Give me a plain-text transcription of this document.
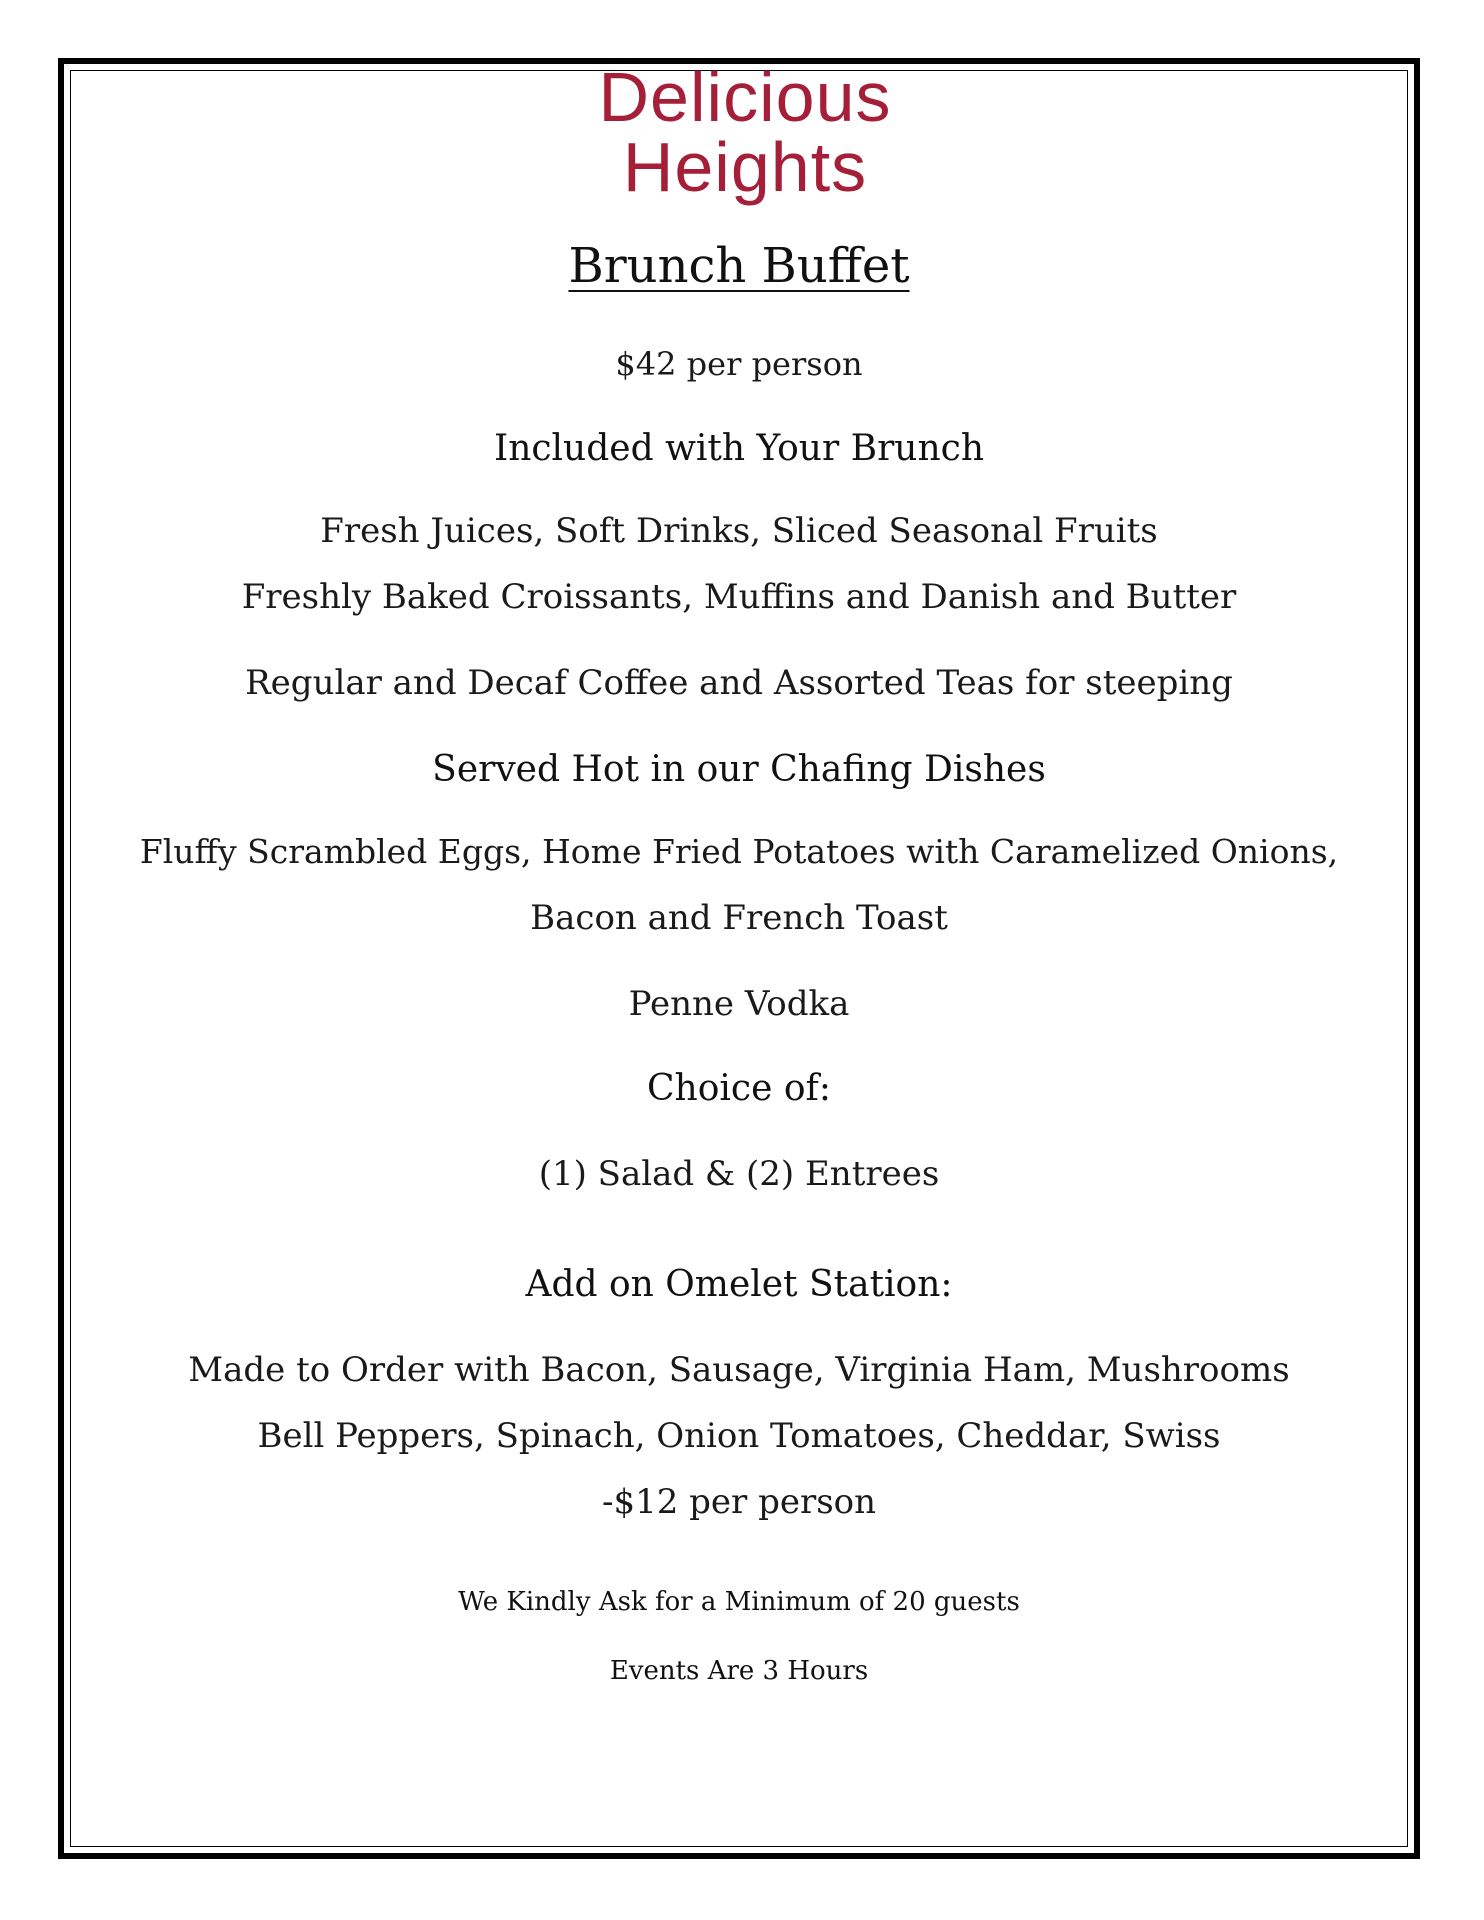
Delicious
Heights
Brunch Buffet
$42 per person
Included with Your Brunch
Fresh Juices, Soft Drinks, Sliced Seasonal Fruits
Freshly Baked Croissants, Muffins and Danish and Butter
Regular and Decaf Coffee and Assorted Teas for steeping
Served Hot in our Chafing Dishes
Fluffy Scrambled Eggs, Home Fried Potatoes with Caramelized Onions,
Bacon and French Toast
Penne Vodka
Choice of:
(1) Salad & (2) Entrees
Add on Omelet Station:
Made to Order with Bacon, Sausage, Virginia Ham, Mushrooms
Bell Peppers, Spinach, Onion Tomatoes, Cheddar, Swiss
-$12 per person
We Kindly Ask for a Minimum of 20 guests
Events Are 3 Hours
